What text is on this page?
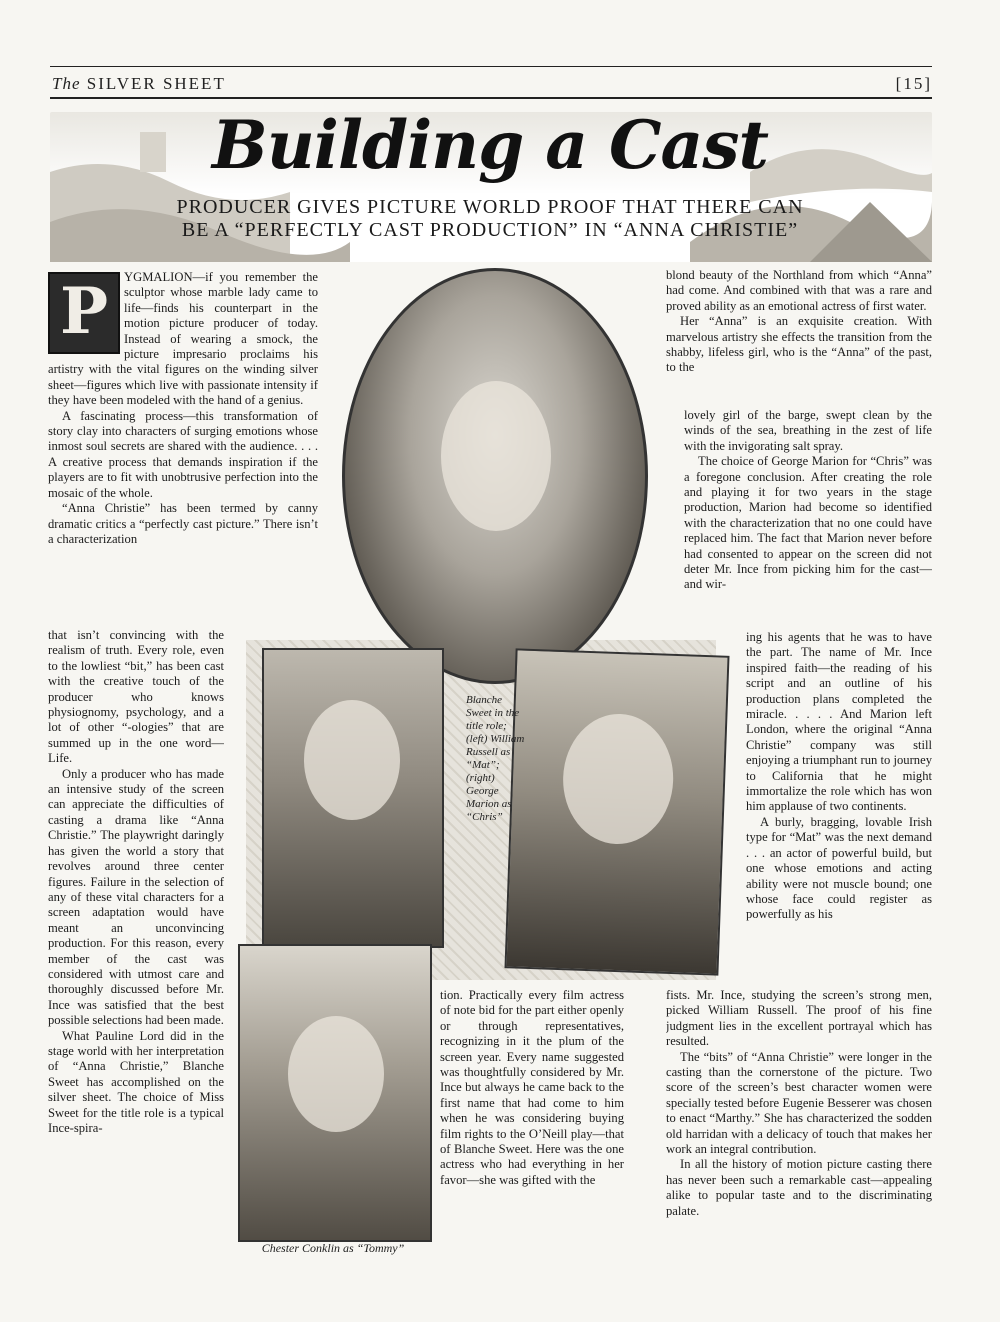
The SILVER SHEET	[15]
Building a Cast
PRODUCER GIVES PICTURE WORLD PROOF THAT THERE CAN
BE A “PERFECTLY CAST PRODUCTION” IN “ANNA CHRISTIE”
P	YGMALION—if you remember the sculptor whose marble lady came to life—finds his counterpart in the motion picture producer of today. Instead of wearing a smock, the picture impresario proclaims his artistry with the vital figures on the winding silver sheet—figures which live with passionate intensity if they have been modeled with the hand of a genius.

A fascinating process—this transformation of story clay into characters of surging emotions whose inmost soul secrets are shared with the audience. . . . A creative process that demands inspiration if the players are to fit with unobtrusive perfection into the mosaic of the whole.

“Anna Christie” has been termed by canny dramatic critics a “perfectly cast picture.” There isn’t a characterization

that isn’t convincing with the realism of truth. Every role, even to the lowliest “bit,” has been cast with the creative touch of the producer who knows physiognomy, psychology, and a lot of other “-ologies” that are summed up in the one word—Life.

Only a producer who has made an intensive study of the screen can appreciate the difficulties of casting a drama like “Anna Christie.” The playwright daringly has given the world a story that revolves around three center figures. Failure in the selection of any of these vital characters for a screen adaptation would have meant an unconvincing production. For this reason, every member of the cast was considered with utmost care and thoroughly discussed before Mr. Ince was satisfied that the best possible selections had been made.

What Pauline Lord did in the stage world with her interpretation of “Anna Christie,” Blanche Sweet has accomplished on the silver sheet. The choice of Miss Sweet for the title role is a typical Ince-spira-

Blanche Sweet in the title role; (left) William Russell as “Mat”; (right) George Marion as “Chris”
Chester Conklin as “Tommy”

tion. Practically every film actress of note bid for the part either openly or through representatives, recognizing in it the plum of the screen year. Every name suggested was thoughtfully considered by Mr. Ince but always he came back to the first name that had come to him when he was considering buying film rights to the O’Neill play—that of Blanche Sweet. Here was the one actress who had everything in her favor—she was gifted with the

blond beauty of the Northland from which “Anna” had come. And combined with that was a rare and proved ability as an emotional actress of first water.

Her “Anna” is an exquisite creation. With marvelous artistry she effects the transition from the shabby, lifeless girl, who is the “Anna” of the past, to the

lovely girl of the barge, swept clean by the winds of the sea, breathing in the zest of life with the invigorating salt spray.

The choice of George Marion for “Chris” was a foregone conclusion. After creating the role and playing it for two years in the stage production, Marion had become so identified with the characterization that no one could have replaced him. The fact that Marion never before had consented to appear on the screen did not deter Mr. Ince from picking him for the cast—and wir-

ing his agents that he was to have the part. The name of Mr. Ince inspired faith—the reading of his script and an outline of his production plans completed the miracle. . . . . And Marion left London, where the original “Anna Christie” company was still enjoying a triumphant run to journey to California that he might immortalize the role which has won him applause of two continents.

A burly, bragging, lovable Irish type for “Mat” was the next demand . . . an actor of powerful build, but one whose emotions and acting ability were not muscle bound; one whose face could register as powerfully as his

fists. Mr. Ince, studying the screen’s strong men, picked William Russell. The proof of his fine judgment lies in the excellent portrayal which has resulted.

The “bits” of “Anna Christie” were longer in the casting than the cornerstone of the picture. Two score of the screen’s best character women were specially tested before Eugenie Besserer was chosen to enact “Marthy.” She has characterized the sodden old harridan with a delicacy of touch that makes her work an integral contribution.

In all the history of motion picture casting there has never been such a remarkable cast—appealing alike to popular taste and to the discriminating palate.
